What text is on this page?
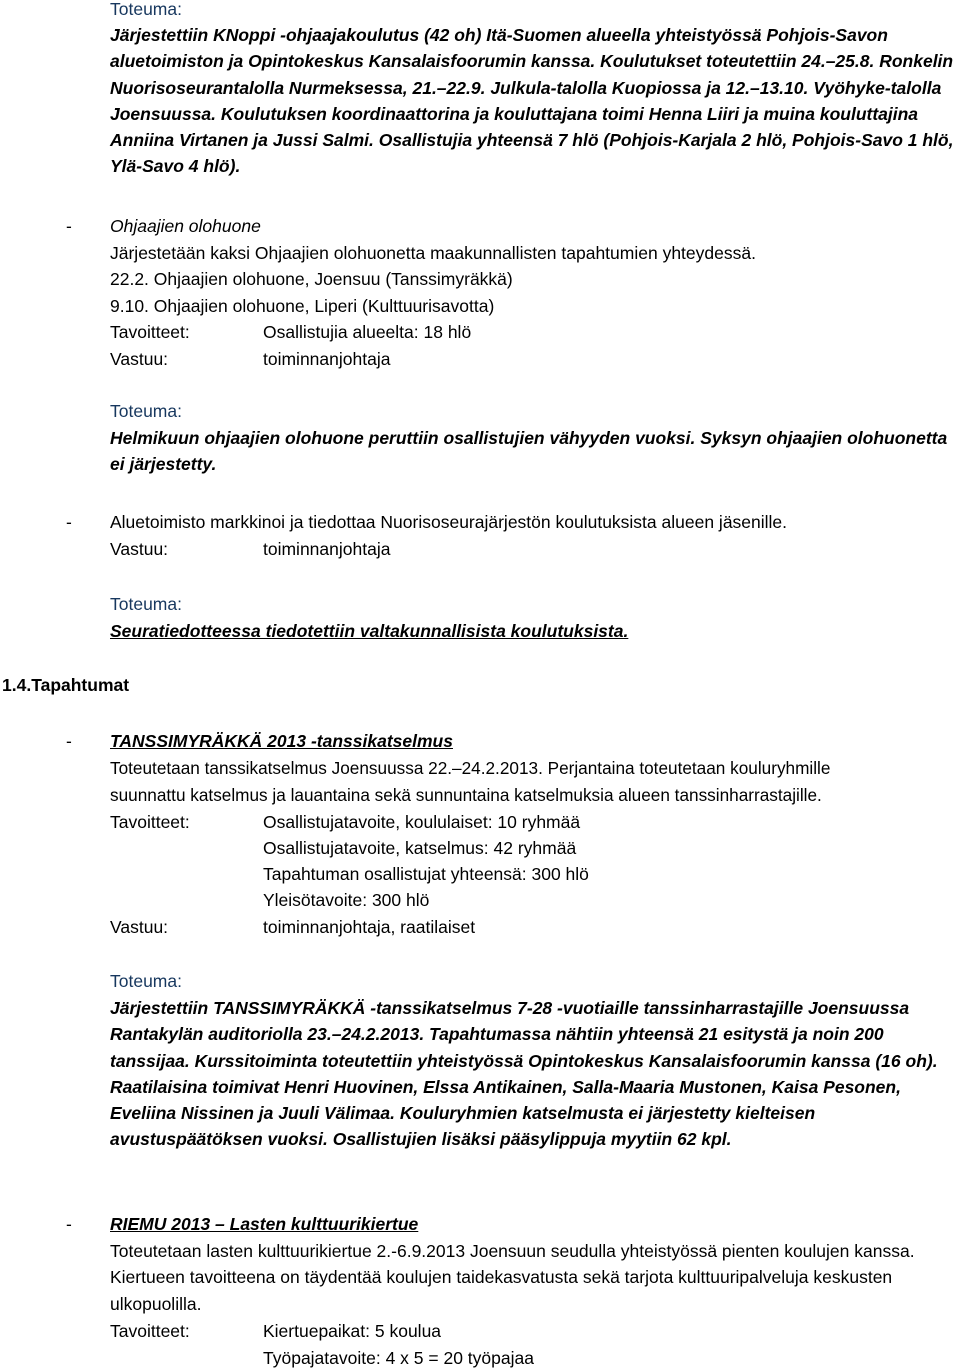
Toteuma:

Järjestettiin KNoppi -ohjaajakoulutus (42 oh) Itä-Suomen alueella yhteistyössä Pohjois-Savon aluetoimiston ja Opintokeskus Kansalaisfoorumin kanssa. Koulutukset toteutettiin 24.–25.8. Ronkelin Nuorisoseurantalolla Nurmeksessa, 21.–22.9. Julkula-talolla Kuopiossa ja 12.–13.10. Vyöhyke-talolla Joensuussa. Koulutuksen koordinaattorina ja kouluttajana toimi Henna Liiri ja muina kouluttajina Anniina Virtanen ja Jussi Salmi. Osallistujia yhteensä 7 hlö (Pohjois-Karjala 2 hlö, Pohjois-Savo 1 hlö, Ylä-Savo 4 hlö).

- Ohjaajien olohuone
Järjestetään kaksi Ohjaajien olohuonetta maakunnallisten tapahtumien yhteydessä.
22.2. Ohjaajien olohuone, Joensuu (Tanssimyräkkä)
9.10. Ohjaajien olohuone, Liperi (Kulttuurisavotta)
Tavoitteet:	Osallistujia alueelta: 18 hlö
Vastuu:	toiminnanjohtaja
Toteuma:

Helmikuun ohjaajien olohuone peruttiin osallistujien vähyyden vuoksi. Syksyn ohjaajien olohuonetta ei järjestetty.

- Aluetoimisto markkinoi ja tiedottaa Nuorisoseurajärjestön koulutuksista alueen jäsenille.
Vastuu:	toiminnanjohtaja
Toteuma:
Seuratiedotteessa tiedotettiin valtakunnallisista koulutuksista.
1.4.Tapahtumat
- TANSSIMYRÄKKÄ 2013 -tanssikatselmus
Toteutetaan tanssikatselmus Joensuussa 22.–24.2.2013. Perjantaina toteutetaan kouluryhmille
suunnattu katselmus ja lauantaina sekä sunnuntaina katselmuksia alueen tanssinharrastajille.
Tavoitteet:	Osallistujatavoite, koululaiset: 10 ryhmää
Osallistujatavoite, katselmus: 42 ryhmää
Tapahtuman osallistujat yhteensä: 300 hlö
Yleisötavoite: 300 hlö
Vastuu:	toiminnanjohtaja, raatilaiset
Toteuma:

Järjestettiin TANSSIMYRÄKKÄ -tanssikatselmus 7-28 -vuotiaille tanssinharrastajille Joensuussa Rantakylän auditoriolla 23.–24.2.2013. Tapahtumassa nähtiin yhteensä 21 esitystä ja noin 200 tanssijaa. Kurssitoiminta toteutettiin yhteistyössä Opintokeskus Kansalaisfoorumin kanssa (16 oh). Raatilaisina toimivat Henri Huovinen, Elssa Antikainen, Salla-Maaria Mustonen, Kaisa Pesonen, Eveliina Nissinen ja Juuli Välimaa. Kouluryhmien katselmusta ei järjestetty kielteisen avustuspäätöksen vuoksi. Osallistujien lisäksi pääsylippuja myytiin 62 kpl.

- RIEMU 2013 – Lasten kulttuurikiertue

Toteutetaan lasten kulttuurikiertue 2.-6.9.2013 Joensuun seudulla yhteistyössä pienten koulujen kanssa. Kiertueen tavoitteena on täydentää koulujen taidekasvatusta sekä tarjota kulttuuripalveluja keskusten ulkopuolilla.

Tavoitteet:	Kiertuepaikat: 5 koulua
Työpajatavoite: 4 x 5 = 20 työpajaa
